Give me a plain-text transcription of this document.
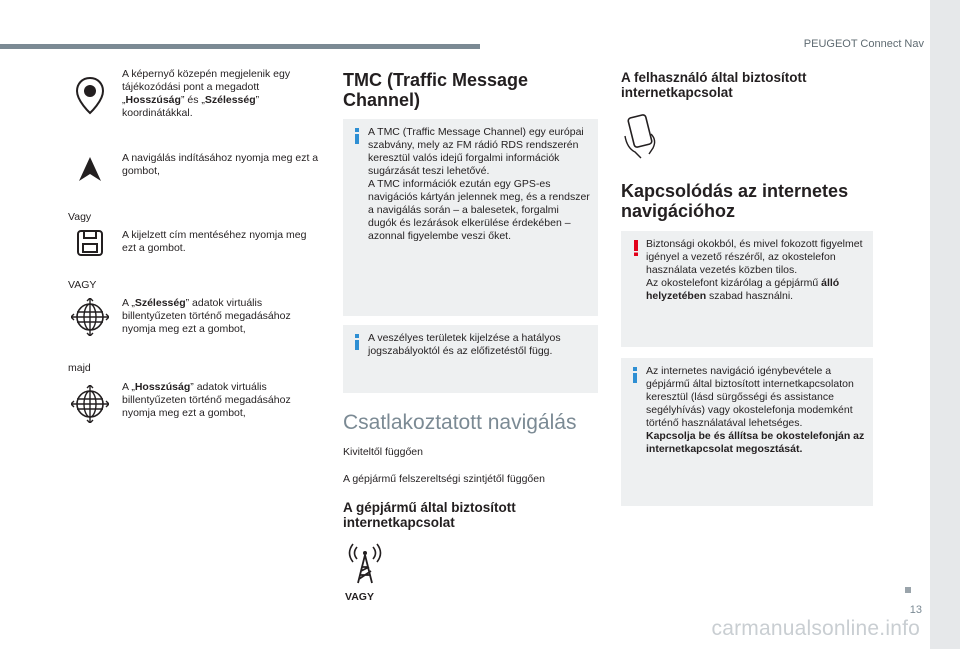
PEUGEOT Connect Nav
13
carmanualsonline.info
A képernyő közepén megjelenik egy tájékozódási pont a megadott „Hosszúság” és „Szélesség” koordinátákkal.
A navigálás indításához nyomja meg ezt a gombot,
Vagy
A kijelzett cím mentéséhez nyomja meg ezt a gombot.
VAGY
A „Szélesség” adatok virtuális billentyűzeten történő megadásához nyomja meg ezt a gombot,
majd
A „Hosszúság” adatok virtuális billentyűzeten történő megadásához nyomja meg ezt a gombot,
TMC (Traffic Message Channel)
A TMC (Traffic Message Channel) egy európai szabvány, mely az FM rádió RDS rendszerén keresztül valós idejű forgalmi információk sugárzását teszi lehetővé.
A TMC információk ezután egy GPS-es navigációs kártyán jelennek meg, és a rendszer a navigálás során – a balesetek, forgalmi dugók és lezárások elkerülése érdekében – azonnal figyelembe veszi őket.
A veszélyes területek kijelzése a hatályos jogszabályoktól és az előfizetéstől függ.
Csatlakoztatott navigálás
Kiviteltől függően
A gépjármű felszereltségi szintjétől függően
A gépjármű által biztosított internetkapcsolat
VAGY
A felhasználó által biztosított internetkapcsolat
Kapcsolódás az internetes navigációhoz
Biztonsági okokból, és mivel fokozott figyelmet igényel a vezető részéről, az okostelefon használata vezetés közben tilos.
Az okostelefont kizárólag a gépjármű álló helyzetében szabad használni.
Az internetes navigáció igénybevétele a gépjármű által biztosított internetkapcsolaton keresztül (lásd sürgősségi és assistance segélyhívás) vagy okostelefonja modemként történő használatával lehetséges.
Kapcsolja be és állítsa be okostelefonján az internetkapcsolat megosztását.
